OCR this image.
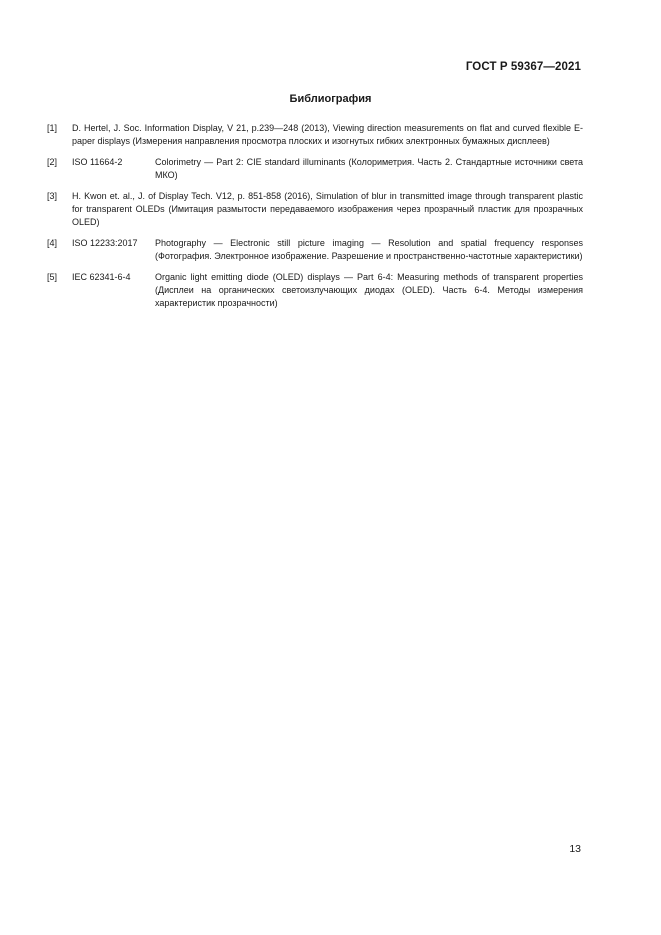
ГОСТ Р 59367—2021
Библиография
[1] D. Hertel, J. Soc. Information Display, V 21, p.239—248 (2013), Viewing direction measurements on flat and curved flexible E-paper displays (Измерения направления просмотра плоских и изогнутых гибких электронных бумажных дисплеев)
[2] ISO 11664-2	Colorimetry — Part 2: CIE standard illuminants (Колориметрия. Часть 2. Стандартные источники света МКО)
[3] H. Kwon et. al., J. of Display Tech. V12, p. 851-858 (2016), Simulation of blur in transmitted image through transparent plastic for transparent OLEDs (Имитация размытости передаваемого изображения через прозрачный пластик для прозрачных OLED)
[4] ISO 12233:2017 Photography — Electronic still picture imaging — Resolution and spatial frequency responses (Фотография. Электронное изображение. Разрешение и пространственно-частотные характеристики)
[5] IEC 62341-6-4	Organic light emitting diode (OLED) displays — Part 6-4: Measuring methods of transparent properties (Дисплеи на органических светоизлучающих диодах (OLED). Часть 6-4. Методы измерения характеристик прозрачности)
13
